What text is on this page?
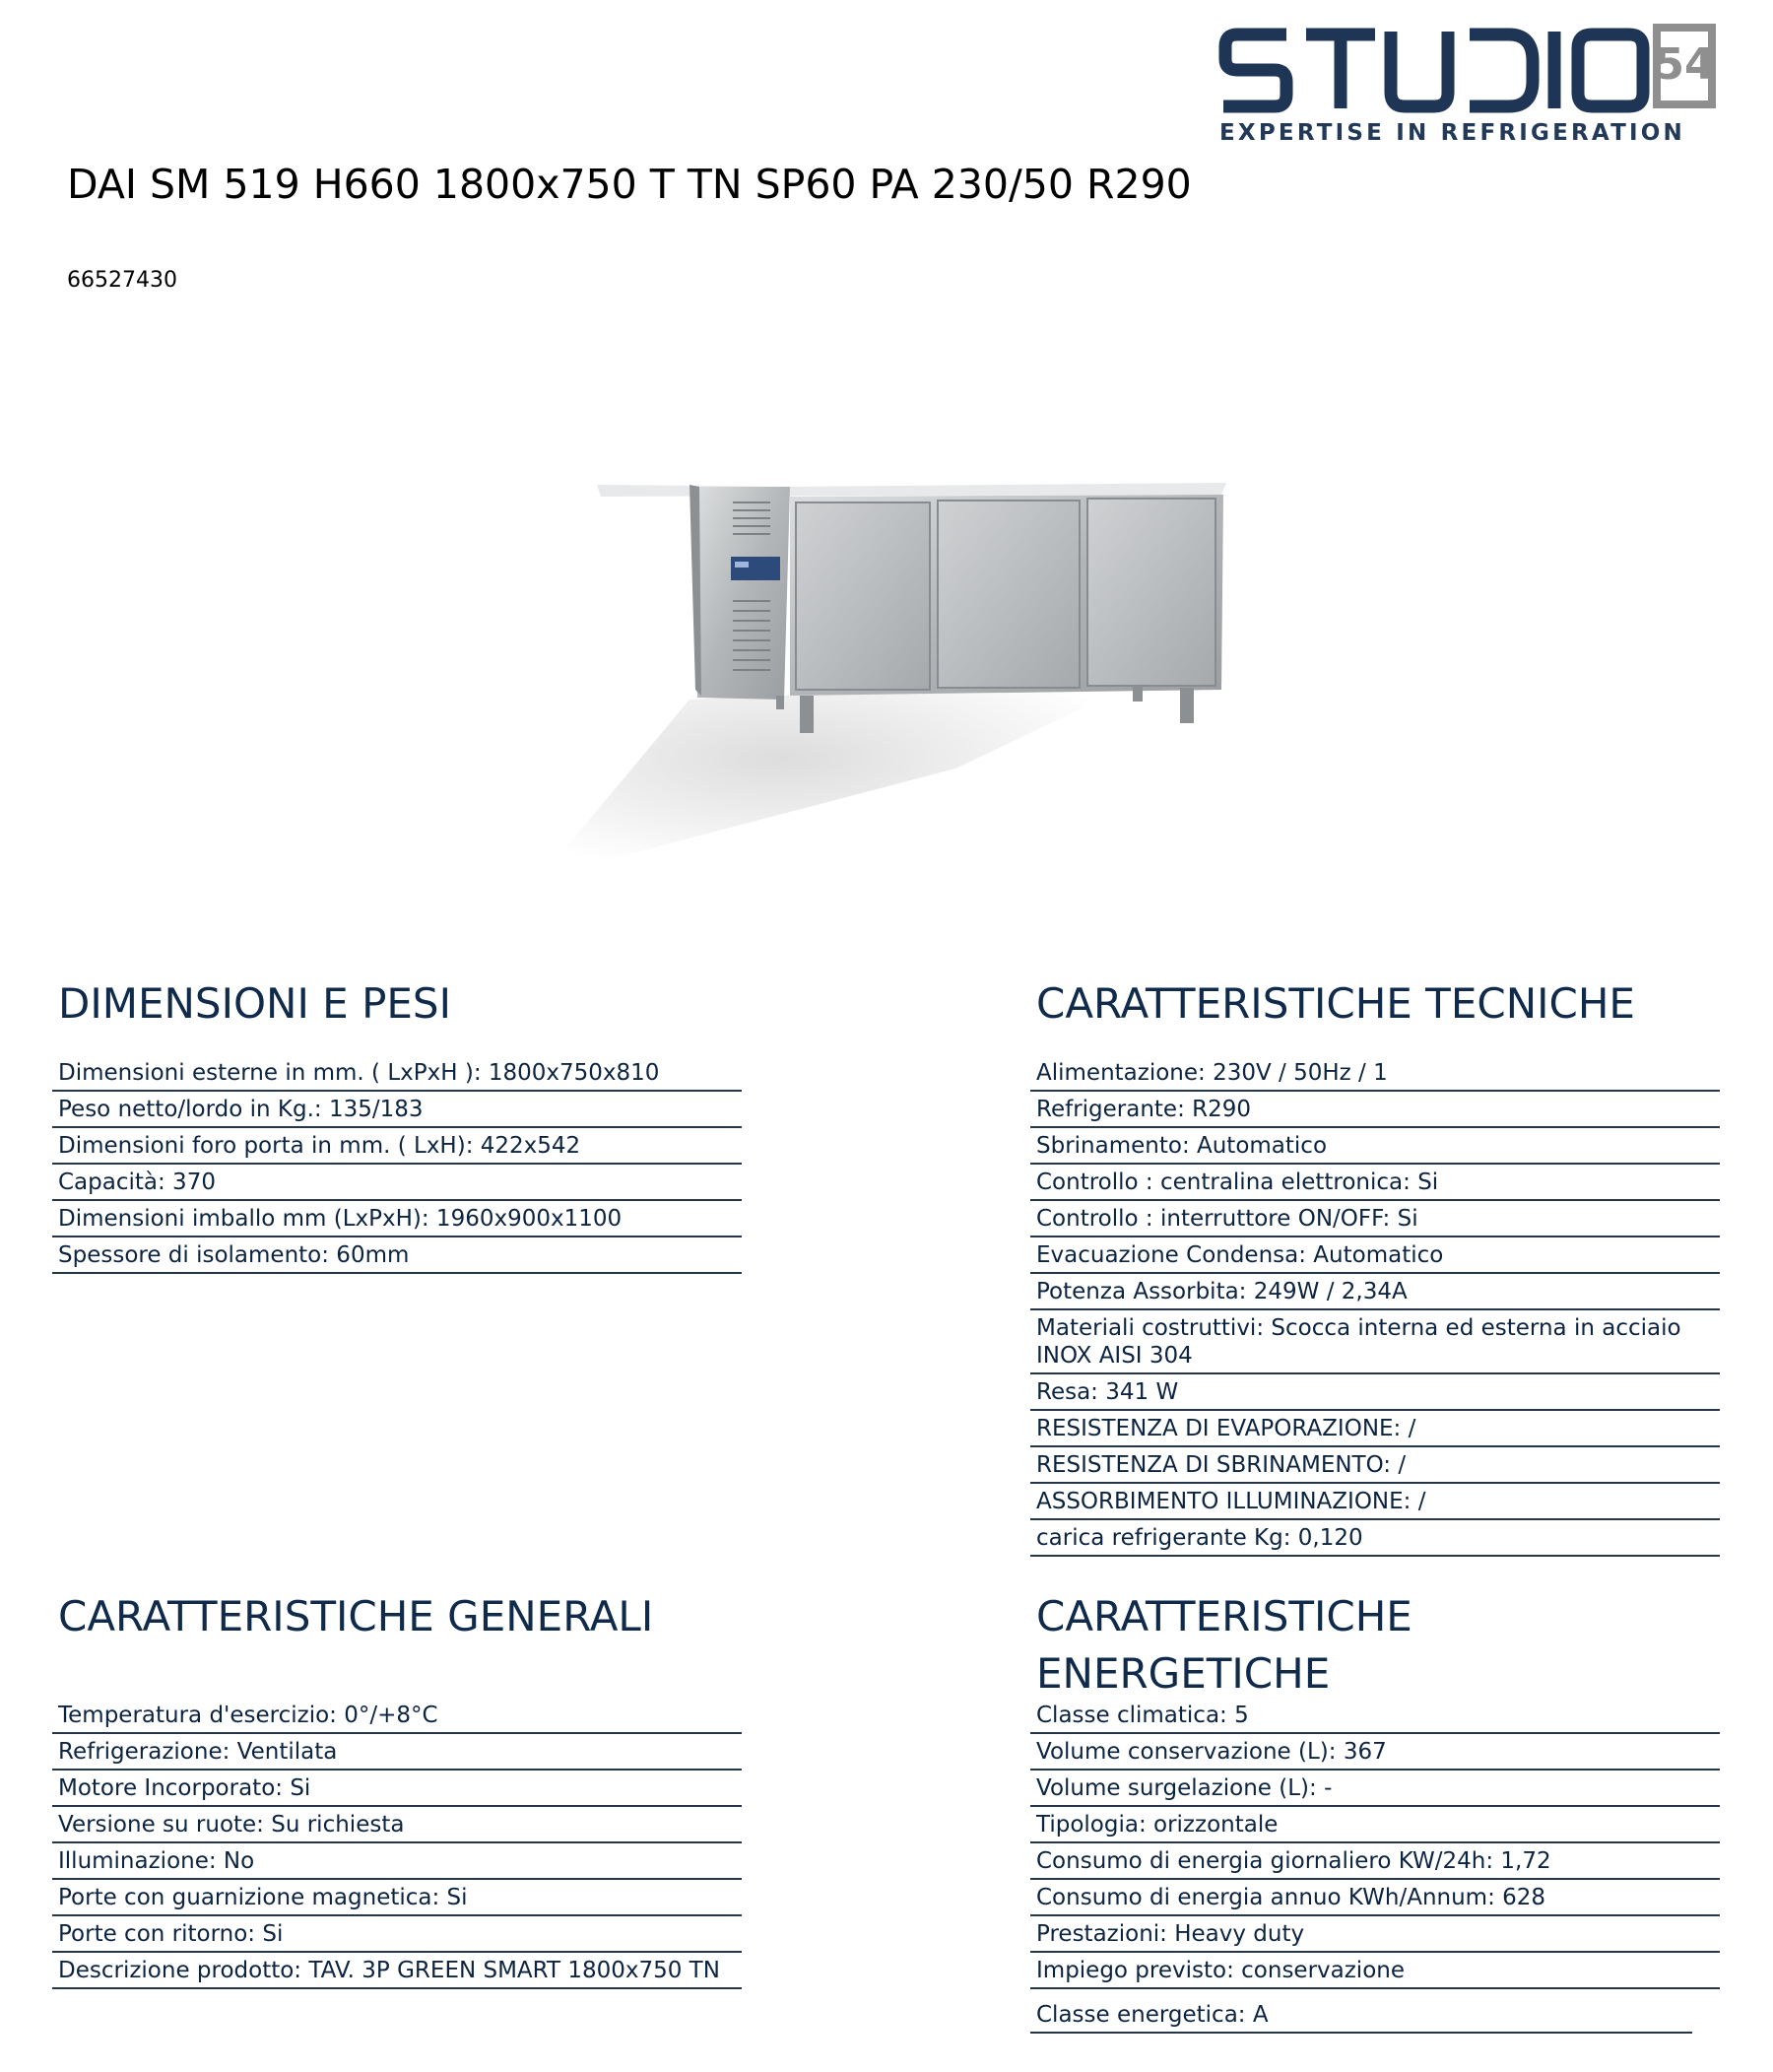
54
EXPERTISE IN REFRIGERATION
DAI SM 519 H660 1800x750 T TN SP60 PA 230/50 R290
66527430
DIMENSIONI E PESI
Dimensioni esterne in mm. ( LxPxH ): 1800x750x810
Peso netto/lordo in Kg.: 135/183
Dimensioni foro porta in mm. ( LxH): 422x542
Capacità: 370
Dimensioni imballo mm (LxPxH): 1960x900x1100
Spessore di isolamento: 60mm
CARATTERISTICHE TECNICHE
Alimentazione: 230V / 50Hz / 1
Refrigerante: R290
Sbrinamento: Automatico
Controllo : centralina elettronica: Si
Controllo : interruttore ON/OFF: Si
Evacuazione Condensa: Automatico
Potenza Assorbita: 249W / 2,34A
Materiali costruttivi: Scocca interna ed esterna in acciaio INOX AISI 304
Resa: 341 W
RESISTENZA DI EVAPORAZIONE: /
RESISTENZA DI SBRINAMENTO: /
ASSORBIMENTO ILLUMINAZIONE: /
carica refrigerante Kg: 0,120
CARATTERISTICHE GENERALI
Temperatura d'esercizio: 0°/+8°C
Refrigerazione: Ventilata
Motore Incorporato: Si
Versione su ruote: Su richiesta
Illuminazione: No
Porte con guarnizione magnetica: Si
Porte con ritorno: Si
Descrizione prodotto: TAV. 3P GREEN SMART 1800x750 TN
CARATTERISTICHE ENERGETICHE
Classe climatica: 5
Volume conservazione (L): 367
Volume surgelazione (L): -
Tipologia: orizzontale
Consumo di energia giornaliero KW/24h: 1,72
Consumo di energia annuo KWh/Annum: 628
Prestazioni: Heavy duty
Impiego previsto: conservazione
Classe energetica: A
